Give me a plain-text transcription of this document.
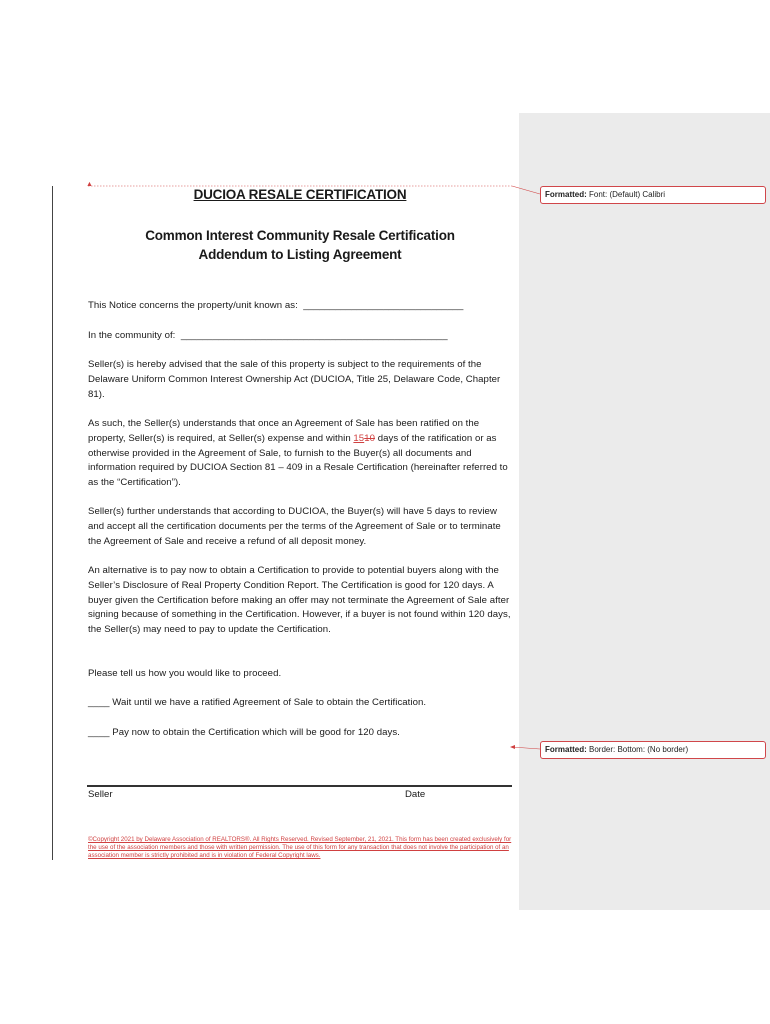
▲
Formatted: Font: (Default) Calibri
Formatted: Border: Bottom: (No border)
DUCIOA RESALE CERTIFICATION
Common Interest Community Resale Certification
Addendum to Listing Agreement
This Notice concerns the property/unit known as: ______________________________
In the community of: __________________________________________________
Seller(s) is hereby advised that the sale of this property is subject to the requirements of the Delaware Uniform Common Interest Ownership Act (DUCIOA, Title 25, Delaware Code, Chapter 81).
As such, the Seller(s) understands that once an Agreement of Sale has been ratified on the property, Seller(s) is required, at Seller(s) expense and within 1510 days of the ratification or as otherwise provided in the Agreement of Sale, to furnish to the Buyer(s) all documents and information required by DUCIOA Section 81 – 409 in a Resale Certification (hereinafter referred to as the “Certification”).
Seller(s) further understands that according to DUCIOA, the Buyer(s) will have 5 days to review and accept all the certification documents per the terms of the Agreement of Sale or to terminate the Agreement of Sale and receive a refund of all deposit money.
An alternative is to pay now to obtain a Certification to provide to potential buyers along with the Seller’s Disclosure of Real Property Condition Report. The Certification is good for 120 days. A buyer given the Certification before making an offer may not terminate the Agreement of Sale after signing because of something in the Certification. However, if a buyer is not found within 120 days, the Seller(s) may need to pay to update the Certification.
Please tell us how you would like to proceed.
____ Wait until we have a ratified Agreement of Sale to obtain the Certification.
____ Pay now to obtain the Certification which will be good for 120 days.
Seller	Date
©Copyright 2021 by Delaware Association of REALTORS®. All Rights Reserved. Revised September, 21, 2021. This form has been created exclusively for the use of the association members and those with written permission. The use of this form for any transaction that does not involve the participation of an association member is strictly prohibited and is in violation of Federal Copyright laws.
